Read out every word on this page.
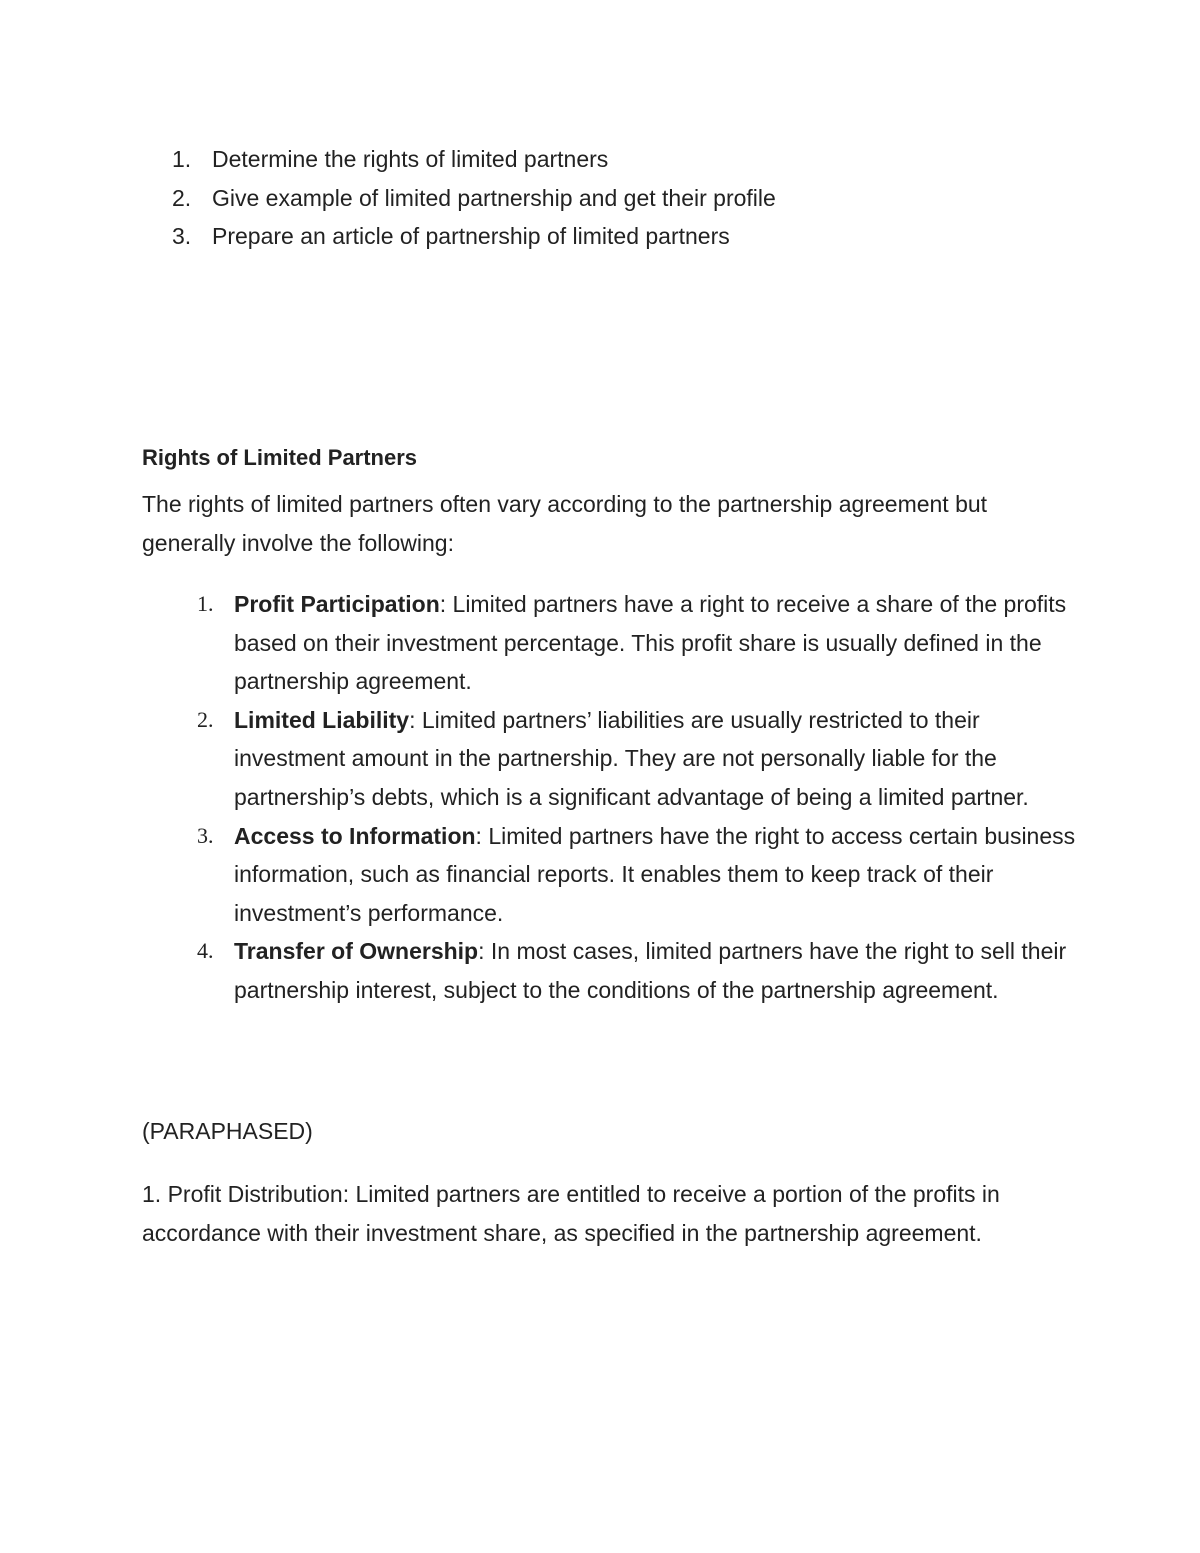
1. Determine the rights of limited partners
2. Give example of limited partnership and get their profile
3. Prepare an article of partnership of limited partners
Rights of Limited Partners

The rights of limited partners often vary according to the partnership agreement but generally involve the following:

1. Profit Participation: Limited partners have a right to receive a share of the profits based on their investment percentage. This profit share is usually defined in the partnership agreement.
2. Limited Liability: Limited partners’ liabilities are usually restricted to their investment amount in the partnership. They are not personally liable for the partnership’s debts, which is a significant advantage of being a limited partner.
3. Access to Information: Limited partners have the right to access certain business information, such as financial reports. It enables them to keep track of their investment’s performance.
4. Transfer of Ownership: In most cases, limited partners have the right to sell their partnership interest, subject to the conditions of the partnership agreement.

(PARAPHASED)

1. Profit Distribution: Limited partners are entitled to receive a portion of the profits in accordance with their investment share, as specified in the partnership agreement.
